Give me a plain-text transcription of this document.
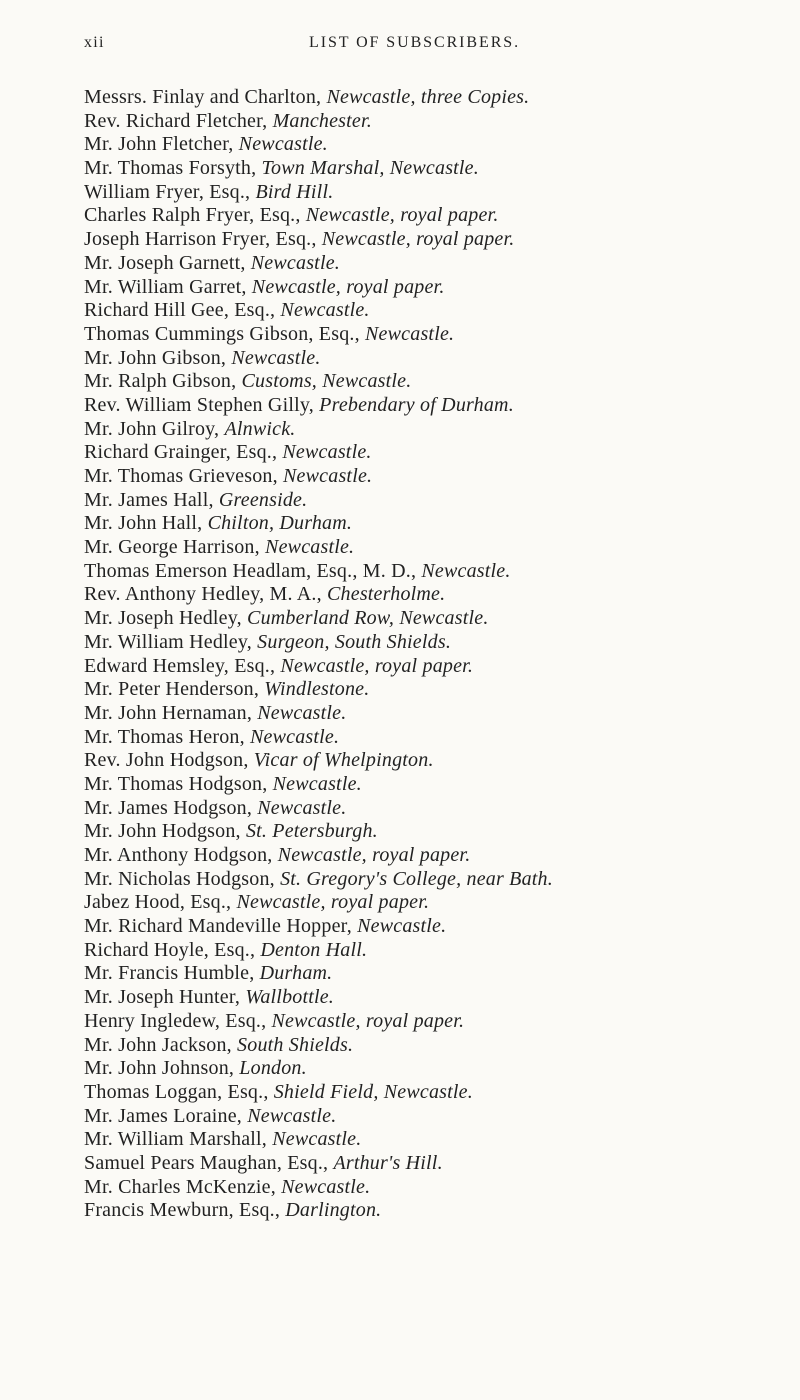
xii	LIST OF SUBSCRIBERS.
Messrs. Finlay and Charlton, Newcastle, three Copies.
Rev. Richard Fletcher, Manchester.
Mr. John Fletcher, Newcastle.
Mr. Thomas Forsyth, Town Marshal, Newcastle.
William Fryer, Esq., Bird Hill.
Charles Ralph Fryer, Esq., Newcastle, royal paper.
Joseph Harrison Fryer, Esq., Newcastle, royal paper.
Mr. Joseph Garnett, Newcastle.
Mr. William Garret, Newcastle, royal paper.
Richard Hill Gee, Esq., Newcastle.
Thomas Cummings Gibson, Esq., Newcastle.
Mr. John Gibson, Newcastle.
Mr. Ralph Gibson, Customs, Newcastle.
Rev. William Stephen Gilly, Prebendary of Durham.
Mr. John Gilroy, Alnwick.
Richard Grainger, Esq., Newcastle.
Mr. Thomas Grieveson, Newcastle.
Mr. James Hall, Greenside.
Mr. John Hall, Chilton, Durham.
Mr. George Harrison, Newcastle.
Thomas Emerson Headlam, Esq., M. D., Newcastle.
Rev. Anthony Hedley, M. A., Chesterholme.
Mr. Joseph Hedley, Cumberland Row, Newcastle.
Mr. William Hedley, Surgeon, South Shields.
Edward Hemsley, Esq., Newcastle, royal paper.
Mr. Peter Henderson, Windlestone.
Mr. John Hernaman, Newcastle.
Mr. Thomas Heron, Newcastle.
Rev. John Hodgson, Vicar of Whelpington.
Mr. Thomas Hodgson, Newcastle.
Mr. James Hodgson, Newcastle.
Mr. John Hodgson, St. Petersburgh.
Mr. Anthony Hodgson, Newcastle, royal paper.
Mr. Nicholas Hodgson, St. Gregory's College, near Bath.
Jabez Hood, Esq., Newcastle, royal paper.
Mr. Richard Mandeville Hopper, Newcastle.
Richard Hoyle, Esq., Denton Hall.
Mr. Francis Humble, Durham.
Mr. Joseph Hunter, Wallbottle.
Henry Ingledew, Esq., Newcastle, royal paper.
Mr. John Jackson, South Shields.
Mr. John Johnson, London.
Thomas Loggan, Esq., Shield Field, Newcastle.
Mr. James Loraine, Newcastle.
Mr. William Marshall, Newcastle.
Samuel Pears Maughan, Esq., Arthur's Hill.
Mr. Charles McKenzie, Newcastle.
Francis Mewburn, Esq., Darlington.
